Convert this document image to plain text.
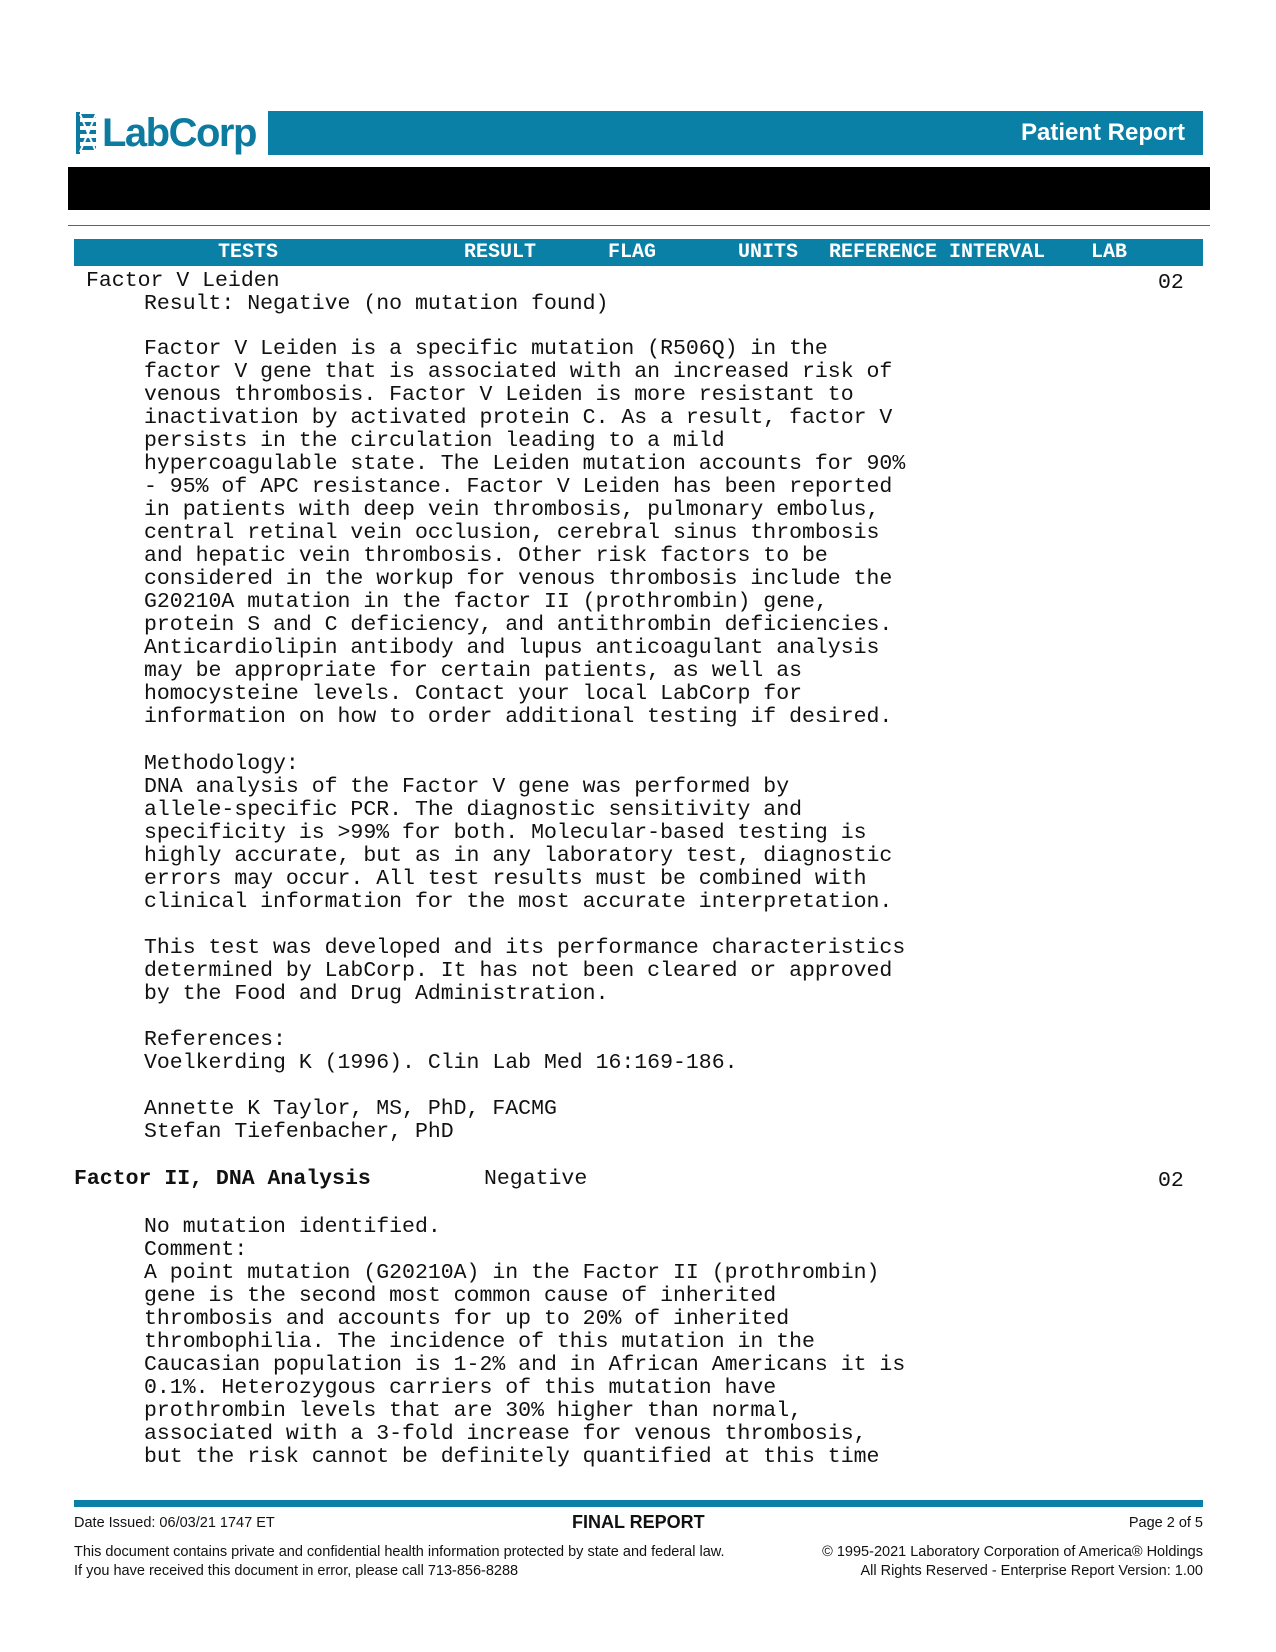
LabCorp	Patient Report
TESTS	RESULT	FLAG	UNITS REFERENCE INTERVAL LAB
Factor V Leiden	02
Result: Negative (no mutation found)
Factor V Leiden is a specific mutation (R506Q) in the
factor V gene that is associated with an increased risk of
venous thrombosis. Factor V Leiden is more resistant to
inactivation by activated protein C. As a result, factor V
persists in the circulation leading to a mild
hypercoagulable state. The Leiden mutation accounts for 90%
- 95% of APC resistance. Factor V Leiden has been reported
in patients with deep vein thrombosis, pulmonary embolus,
central retinal vein occlusion, cerebral sinus thrombosis
and hepatic vein thrombosis. Other risk factors to be
considered in the workup for venous thrombosis include the
G20210A mutation in the factor II (prothrombin) gene,
protein S and C deficiency, and antithrombin deficiencies.
Anticardiolipin antibody and lupus anticoagulant analysis
may be appropriate for certain patients, as well as
homocysteine levels. Contact your local LabCorp for
information on how to order additional testing if desired.
Methodology:
DNA analysis of the Factor V gene was performed by
allele-specific PCR. The diagnostic sensitivity and
specificity is >99% for both. Molecular-based testing is
highly accurate, but as in any laboratory test, diagnostic
errors may occur. All test results must be combined with
clinical information for the most accurate interpretation.
This test was developed and its performance characteristics
determined by LabCorp. It has not been cleared or approved
by the Food and Drug Administration.
References:
Voelkerding K (1996). Clin Lab Med 16:169-186.
Annette K Taylor, MS, PhD, FACMG
Stefan Tiefenbacher, PhD
Factor II, DNA Analysis	Negative	02
No mutation identified.
Comment:
A point mutation (G20210A) in the Factor II (prothrombin)
gene is the second most common cause of inherited
thrombosis and accounts for up to 20% of inherited
thrombophilia. The incidence of this mutation in the
Caucasian population is 1-2% and in African Americans it is
0.1%. Heterozygous carriers of this mutation have
prothrombin levels that are 30% higher than normal,
associated with a 3-fold increase for venous thrombosis,
but the risk cannot be definitely quantified at this time
Date Issued: 06/03/21 1747 ET	FINAL REPORT	Page 2 of 5
This document contains private and confidential health information protected by state and federal law.
If you have received this document in error, please call 713-856-8288
© 1995-2021 Laboratory Corporation of America® Holdings
All Rights Reserved - Enterprise Report Version: 1.00
